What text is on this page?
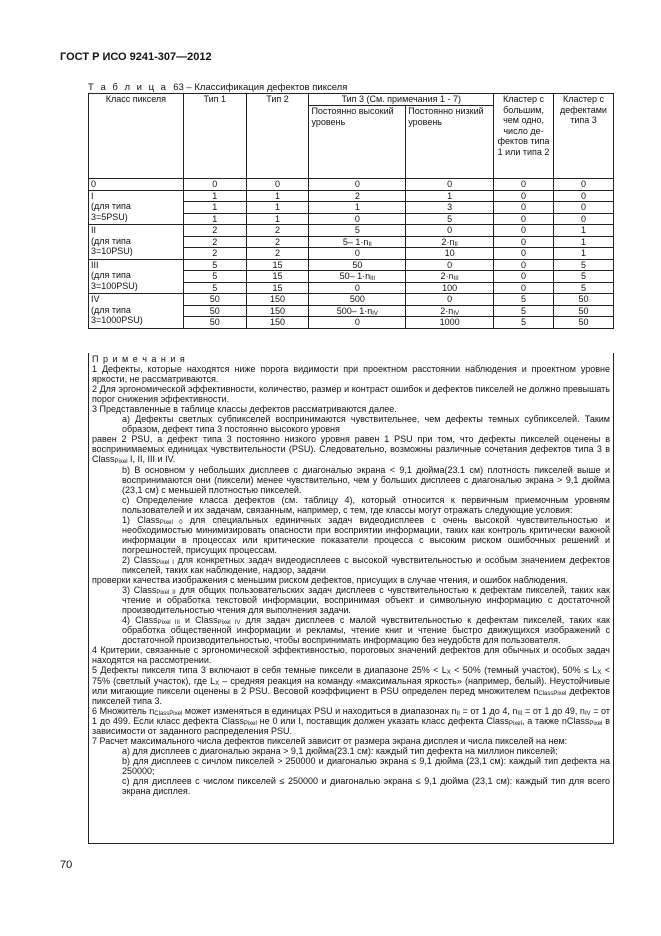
ГОСТ Р ИСО 9241-307—2012
Т а б л и ц а 63 – Классификация дефектов пикселя
Класс пикселя	Тип 1	Тип 2	Тип 3 (См. примечания 1 - 7)		Кластер с большим, чем одно, число дефектов типа 1 или типа 2	Кластер с дефектами типа 3
			Постоянно высокий уровень	Постоянно низкий уровень		
0	0	0	0	0	0	0

I
(для типа
3=5PSU)	1	1	2	1	0	0
	1	1	1	3	0	0
	1	1	0	5	0	0

II
(для типа
3=10PSU)	2	2	5	0	0	1
	2	2	5– $1\cdot n_{II}$	$2\cdot n_{II}$	0	1
	2	2	0	10	0	1

III
(для типа
3=100PSU)	5	15	50	0	0	5
	5	15	50– $1\cdot n_{III}$	$2\cdot n_{III}$	0	5
	5	15	0	100	0	5

IV
(для типа
3=1000PSU)	50	150	500	0	5	50
	50	150	500– $1\cdot n_{IV}$	$2\cdot n_{IV}$	5	50
	50	150	0	1000	5	50

П р и м е ч а н и я

1 Дефекты, которые находятся ниже порога видимости при проектном расстоянии наблюдения и проектном уровне яркости, не рассматриваются.

2 Для эргономической эффективности, количество, размер и контраст ошибок и дефектов пикселей не должно превышать порог снижения эффективности.

3 Представленные в таблице классы дефектов рассматриваются далее.

а) Дефекты светлых субпикселей воспринимаются чувствительнее, чем дефекты темных субпикселей. Таким образом, дефект типа 3 постоянно высокого уровня

равен 2 PSU, а дефект типа 3 постоянно низкого уровня равен 1 PSU при том, что дефекты пикселей оценены в воспринимаемых единицах чувствительности (PSU). Следовательно, возможны различные сочетания дефектов типа 3 в Class$_{Pixel}$ I, II, III и IV.

b) В основном у небольших дисплеев с диагональю экрана < 9,1 дюйма(23.1 см) плотность пикселей выше и воспринимаются они (пиксели) менее чувствительно, чем у больших дисплеев с диагональю экрана > 9,1 дюйма (23,1 см) с меньшей плотностью пикселей.

c) Определение класса дефектов (см. таблицу 4), который относится к первичным приемочным уровням пользователей и их задачам, связанным, например, с тем, где классы могут отражать следующие условия:

1) Class$_{Pixel 0}$ для специальных единичных задач видеодисплеев с очень высокой чувствительностью и необходимостью минимизировать опасности при восприятии информации, таких как контроль критически важной информации в процессах или критические показатели процесса с высоким риском ошибочных решений и погрешностей, присущих процессам.

2) Class$_{Pixel I}$ для конкретных задач видеодисплеев с высокой чувствительностью и особым значением дефектов пикселей, таких как наблюдение, надзор, задачи

проверки качества изображения с меньшим риском дефектов, присущих в случае чтения, и ошибок наблюдения.

3) Class$_{Pixel II}$ для общих пользовательских задач дисплеев с чувствительностью к дефектам пикселей, таких как чтение и обработка текстовой информации, воспринимая объект и символьную информацию с достаточной производительностью чтения для выполнения задачи.

4) Class$_{Pixel III}$ и Class$_{Pixel IV}$ для задач дисплеев с малой чувствительностью к дефектам пикселей, таких как обработка общественной информации и рекламы, чтение книг и чтение быстро движущихся изображений с достаточной производительностью, чтобы воспринимать информацию без неудобств для пользователя.

4 Критерии, связанные с эргономической эффективностью, пороговых значений дефектов для обычных и особых задач находятся на рассмотрении.

5 Дефекты пикселя типа 3 включают в себя темные пиксели в диапазоне $25\% < L_X < 50\%$ (темный участок), $50\% \le L_X < 75\%$ (светлый участок), где $L_X$ – средняя реакция на команду «максимальная яркость» (например, белый). Неустойчивые или мигающие пиксели оценены в 2 PSU. Весовой коэффициент в PSU определен перед множителем $n_{ClassPixel}$ дефектов пикселей типа 3.

6 Множитель $n_{ClassPixel}$ может изменяться в единицах PSU и находиться в диапазонах $n_{II}$ = от 1 до 4, $n_{III}$ = от 1 до 49, $n_{IV}$ = от 1 до 499. Если класс дефекта Class$_{Pixel}$ не 0 или I, поставщик должен указать класс дефекта Class$_{Pixel}$, а также nClass$_{Pixel}$ в зависимости от заданного распределения PSU.

7 Расчет максимального числа дефектов пикселей зависит от размера экрана дисплея и числа пикселей на нем:

а) для дисплеев с диагональю экрана > 9,1 дюйма(23.1 см): каждый тип дефекта на миллион пикселей;

b) для дисплеев с сичлом пикселей > 250000 и диагональю экрана ≤ 9,1 дюйма (23,1 см): каждый тип дефекта на 250000;

c) для дисплеев с числом пикселей ≤ 250000 и диагональю экрана ≤ 9,1 дюйма (23,1 см): каждый тип для всего экрана дисплея.

70
